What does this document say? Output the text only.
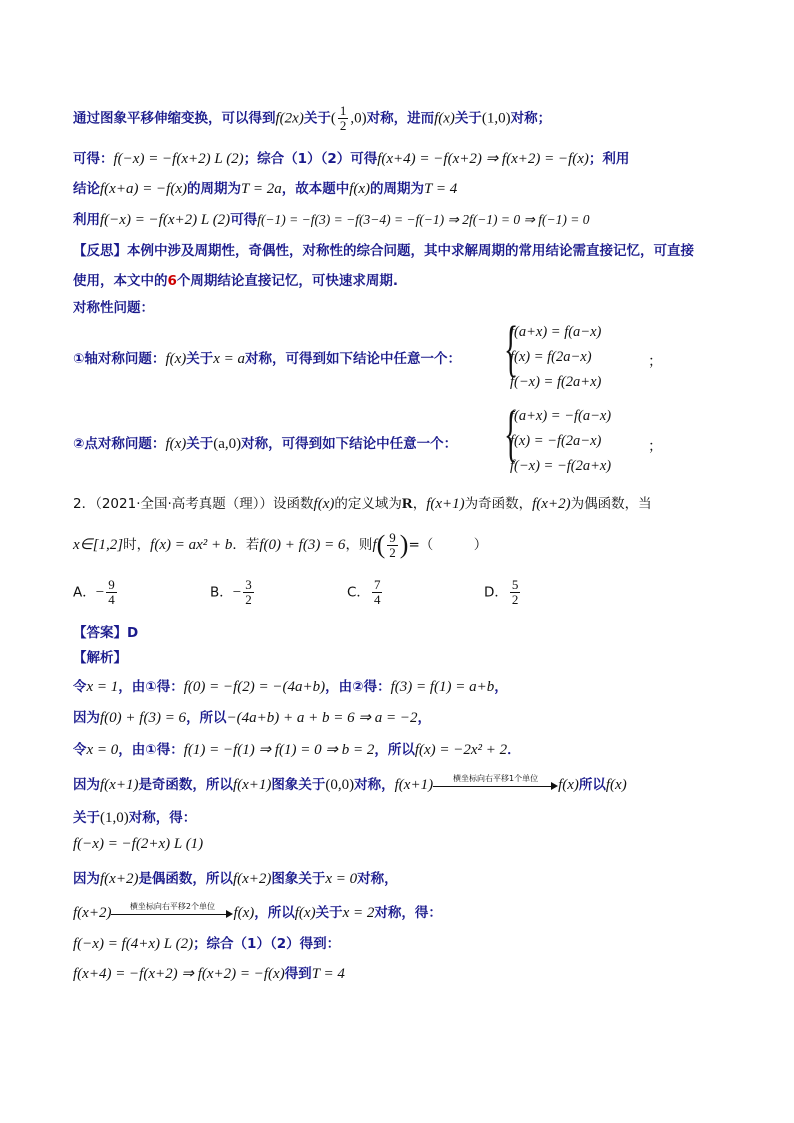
通过图象平移伸缩变换，可以得到f(2x)关于( $\frac{1}{2} ,0$)对称，进而f(x)关于(1,0)对称；
可得：f(−x) = −f(x+2) L (2)；综合（1）（2）可得f(x+4) = −f(x+2) ⇒ f(x+2) = −f(x)；利用
结论f(x+a) = −f(x)的周期为T = 2a，故本题中f(x)的周期为T = 4
利用f(−x) = −f(x+2) L (2)可得f(−1) = −f(3) = −f(3−4) = −f(−1) ⇒ 2f(−1) = 0 ⇒ f(−1) = 0
【反思】本例中涉及周期性，奇偶性，对称性的综合问题，其中求解周期的常用结论需直接记忆，可直接
使用，本文中的6个周期结论直接记忆，可快速求周期.
对称性问题：
①轴对称问题：f(x)关于x = a对称，可得到如下结论中任意一个： {
f(a+x) = f(a−x)
f(x) = f(2a−x)
f(−x) = f(2a+x)
；
②点对称问题：f(x)关于(a,0)对称，可得到如下结论中任意一个： {
f(a+x) = −f(a−x)
f(x) = −f(2a−x)
f(−x) = −f(2a+x)
；
2．（2021·全国·高考真题（理））设函数f(x)的定义域为R，f(x+1)为奇函数，f(x+2)为偶函数，当
x∈[1,2]时，f(x) = ax² + b．若f(0) + f(3) = 6，则$f( \frac{9}{2}$ )=（　　　）
A．− $\frac{9}{4}$	B．− $\frac{3}{2}$	C． $\frac{7}{4}$	D． $\frac{5}{2}$
【答案】D
【解析】
令x = 1，由①得：f(0) = −f(2) = −(4a+b)，由②得：f(3) = f(1) = a+b，
因为f(0) + f(3) = 6，所以−(4a+b) + a + b = 6 ⇒ a = −2，
令x = 0，由①得：f(1) = −f(1) ⇒ f(1) = 0 ⇒ b = 2，所以f(x) = −2x² + 2．
因为f(x+1)是奇函数，所以f(x+1)图象关于(0,0)对称，f(x+1)	横坐标向右平移1个单位	f(x)所以f(x)
关于(1,0)对称，得：
f(−x) = −f(2+x) L (1)
因为f(x+2)是偶函数，所以f(x+2)图象关于x = 0对称，
f(x+2)	横坐标向右平移2个单位	f(x)，所以f(x)关于x = 2对称，得：
f(−x) = f(4+x) L (2)；综合（1）（2）得到：
f(x+4) = −f(x+2) ⇒ f(x+2) = −f(x)得到T = 4
